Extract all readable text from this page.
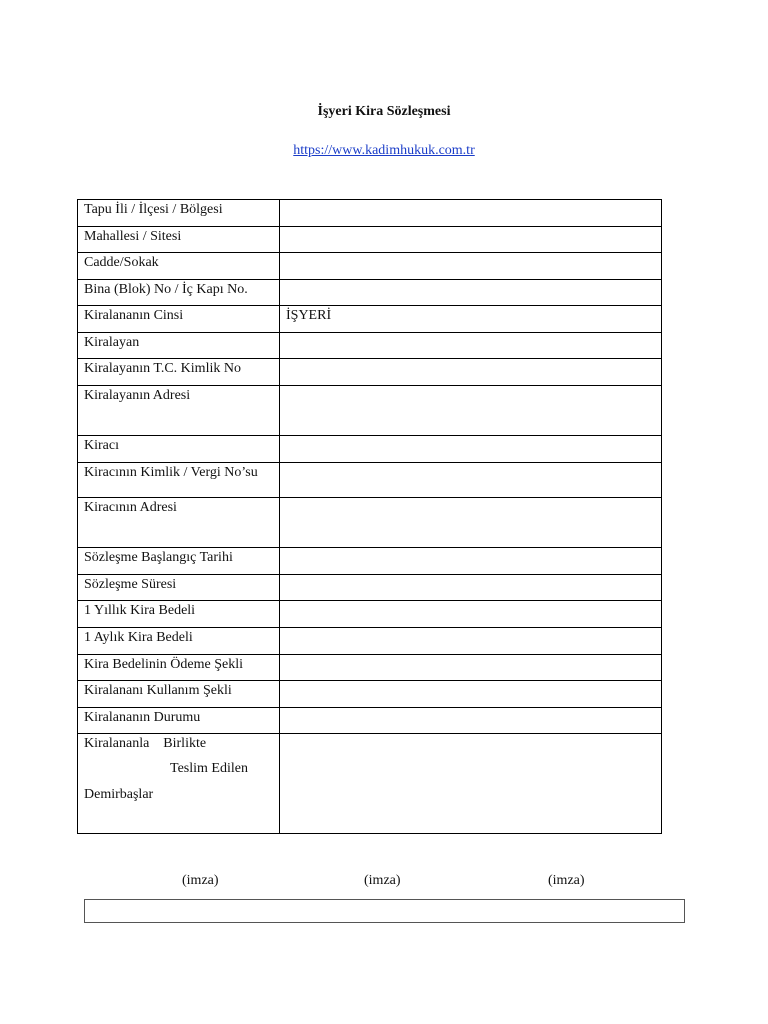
İşyeri Kira Sözleşmesi
https://www.kadimhukuk.com.tr
Tapu İli / İlçesi / Bölgesi	
Mahallesi / Sitesi	
Cadde/Sokak	
Bina (Blok) No / İç Kapı No.	
Kiralananın Cinsi	İŞYERİ
Kiralayan	
Kiralayanın T.C. Kimlik No	
Kiralayanın Adresi	
Kiracı	
Kiracının Kimlik / Vergi No’su	
Kiracının Adresi	
Sözleşme Başlangıç Tarihi	
Sözleşme Süresi	
1 Yıllık Kira Bedeli	
1 Aylık Kira Bedeli	
Kira Bedelinin Ödeme Şekli	
Kiralananı Kullanım Şekli	
Kiralananın Durumu	

Kiralananla Birlikte
Teslim Edilen
Demirbaşlar	

(imza)	(imza)	(imza)
